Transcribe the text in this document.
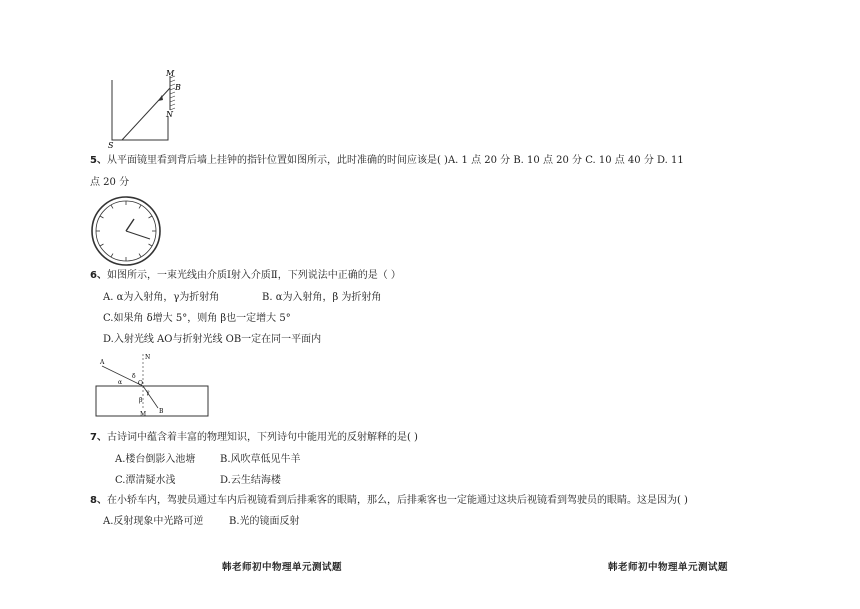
M
B
N
S
5、从平面镜里看到背后墙上挂钟的指针位置如图所示，此时准确的时间应该是( )A. 1 点 20 分 B. 10 点 20 分 C. 10 点 40 分 D. 11
点 20 分
6、如图所示，一束光线由介质Ⅰ射入介质Ⅱ，下列说法中正确的是（ ）
A. α为入射角，γ为折射角	B. α为入射角，β 为折射角
C.如果角 δ增大 5°，则角 β也一定增大 5°
D.入射光线 AO与折射光线 OB一定在同一平面内
N
A
α
δ
O
γ
β
M B
7、古诗词中蕴含着丰富的物理知识，下列诗句中能用光的反射解释的是( )
A.楼台倒影入池塘 B.风吹草低见牛羊
C.潭清疑水浅	D.云生结海楼
8、在小轿车内，驾驶员通过车内后视镜看到后排乘客的眼睛，那么，后排乘客也一定能通过这块后视镜看到驾驶员的眼睛。这是因为( )
A.反射现象中光路可逆	B.光的镜面反射
韩老师初中物理单元测试题	韩老师初中物理单元测试题
